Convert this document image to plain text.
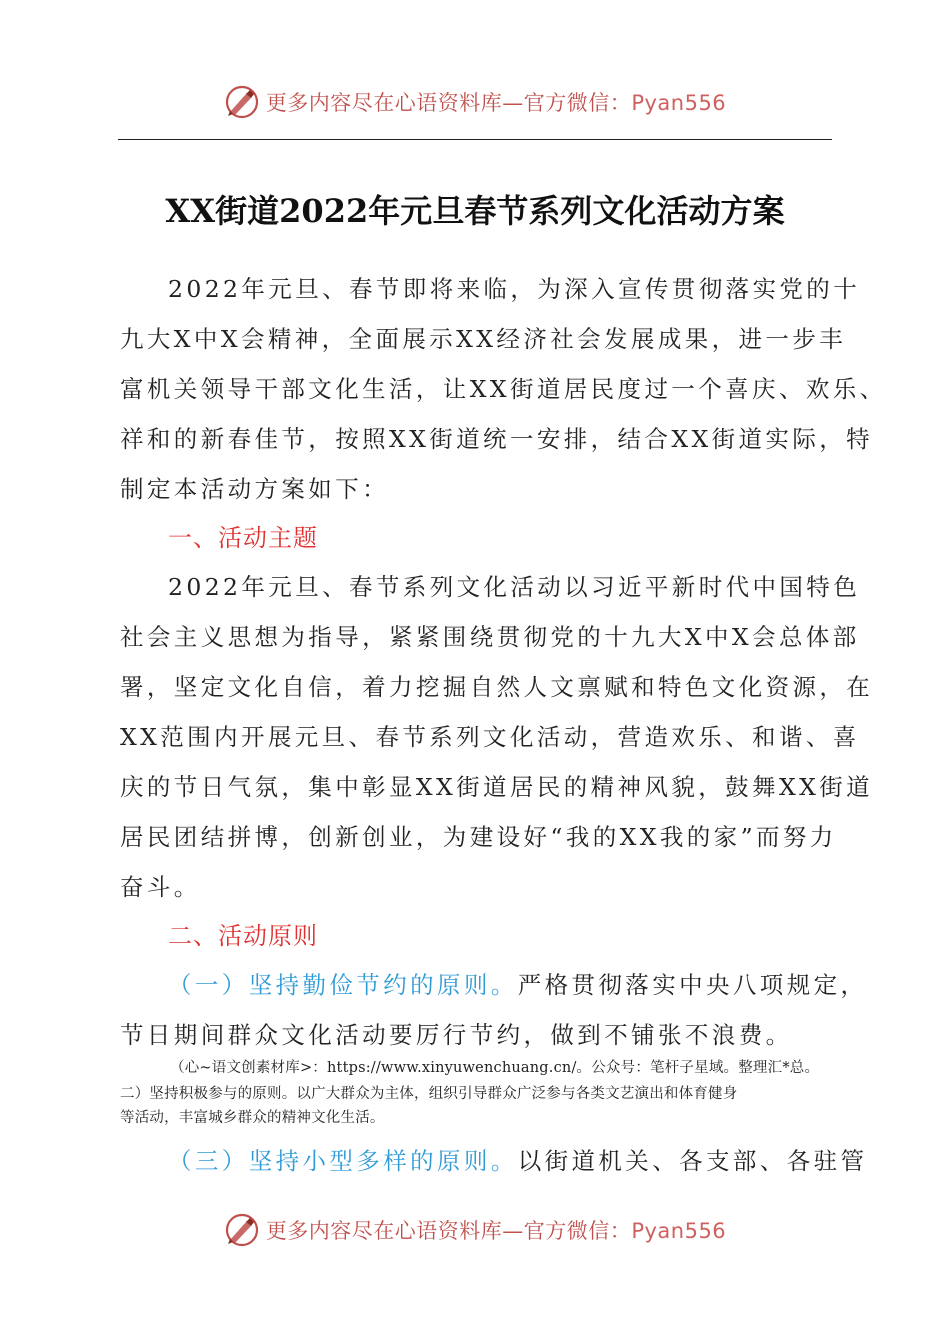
更多内容尽在心语资料库—官方微信：Pyan556
XX街道2022年元旦春节系列文化活动方案
2022年元旦、春节即将来临，为深入宣传贯彻落实党的十
九大X中X会精神，全面展示XX经济社会发展成果，进一步丰
富机关领导干部文化生活，让XX街道居民度过一个喜庆、欢乐、
祥和的新春佳节，按照XX街道统一安排，结合XX街道实际，特
制定本活动方案如下：
一、活动主题
2022年元旦、春节系列文化活动以习近平新时代中国特色
社会主义思想为指导，紧紧围绕贯彻党的十九大X中X会总体部
署，坚定文化自信，着力挖掘自然人文禀赋和特色文化资源，在
XX范围内开展元旦、春节系列文化活动，营造欢乐、和谐、喜
庆的节日气氛，集中彰显XX街道居民的精神风貌，鼓舞XX街道
居民团结拼博，创新创业，为建设好“我的XX我的家”而努力
奋斗。
二、活动原则
（一）坚持勤俭节约的原则。严格贯彻落实中央八项规定，
节日期间群众文化活动要厉行节约，做到不铺张不浪费。
（心~语文创素材库>：https://www.xinyuwenchuang.cn/。公众号：笔杆子星域。整理汇*总。
二）坚持积极参与的原则。以广大群众为主体，组织引导群众广泛参与各类文艺演出和体育健身
等活动，丰富城乡群众的精神文化生活。
（三）坚持小型多样的原则。以街道机关、各支部、各驻管
更多内容尽在心语资料库—官方微信：Pyan556
